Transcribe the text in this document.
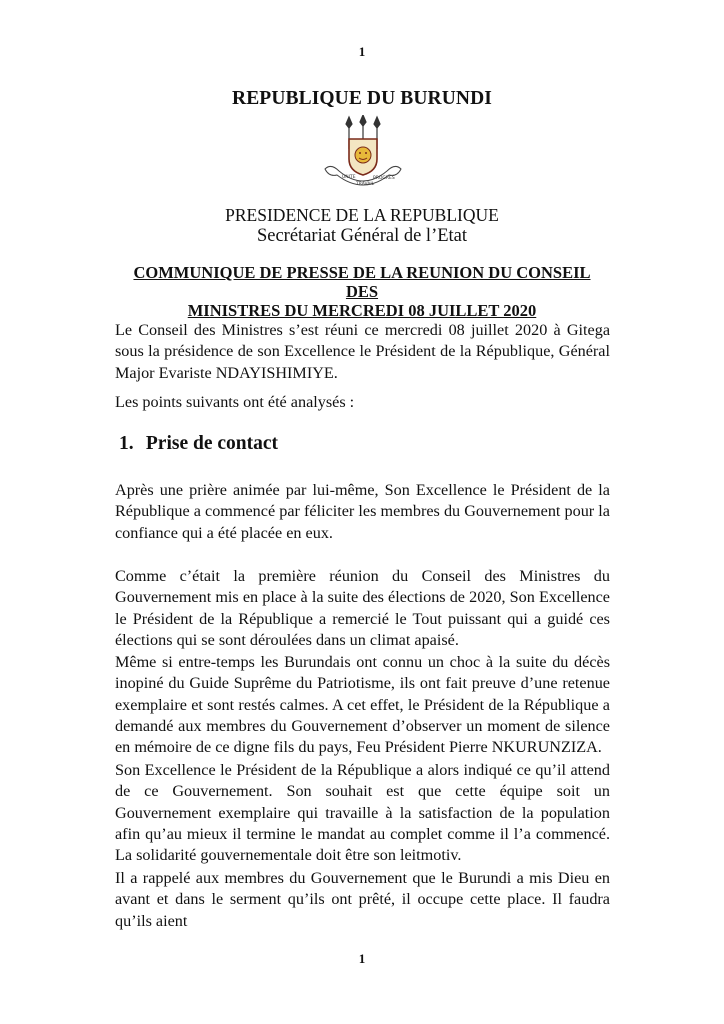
1
REPUBLIQUE DU BURUNDI
UNITE
TRAVAIL
PROGRES
PRESIDENCE DE LA REPUBLIQUE
Secrétariat Général de l’Etat
COMMUNIQUE DE PRESSE DE LA REUNION DU CONSEIL DES
MINISTRES DU MERCREDI 08 JUILLET 2020

Le Conseil des Ministres s’est réuni ce mercredi 08 juillet 2020 à Gitega sous la présidence de son Excellence le Président de la République, Général Major Evariste NDAYISHIMIYE.

Les points suivants ont été analysés :

1. Prise de contact

Après une prière animée par lui-même, Son Excellence le Président de la République a commencé par féliciter les membres du Gouvernement pour la confiance qui a été placée en eux.

Comme c’était la première réunion du Conseil des Ministres du Gouvernement mis en place à la suite des élections de 2020, Son Excellence le Président de la République a remercié le Tout puissant qui a guidé ces élections qui se sont déroulées dans un climat apaisé.

Même si entre-temps les Burundais ont connu un choc à la suite du décès inopiné du Guide Suprême du Patriotisme, ils ont fait preuve d’une retenue exemplaire et sont restés calmes. A cet effet, le Président de la République a demandé aux membres du Gouvernement d’observer un moment de silence en mémoire de ce digne fils du pays, Feu Président Pierre NKURUNZIZA.

Son Excellence le Président de la République a alors indiqué ce qu’il attend de ce Gouvernement. Son souhait est que cette équipe soit un Gouvernement exemplaire qui travaille à la satisfaction de la population afin qu’au mieux il termine le mandat au complet comme il l’a commencé. La solidarité gouvernementale doit être son leitmotiv.

Il a rappelé aux membres du Gouvernement que le Burundi a mis Dieu en avant et dans le serment qu’ils ont prêté, il occupe cette place. Il faudra qu’ils aient

1
